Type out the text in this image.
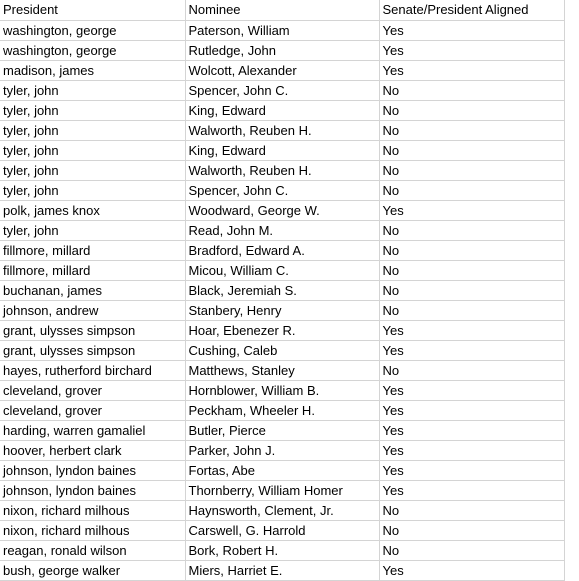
President	Nominee	Senate/President Aligned
washington, george	Paterson, William	Yes
washington, george	Rutledge, John	Yes
madison, james	Wolcott, Alexander	Yes
tyler, john	Spencer, John C.	No
tyler, john	King, Edward	No
tyler, john	Walworth, Reuben H.	No
tyler, john	King, Edward	No
tyler, john	Walworth, Reuben H.	No
tyler, john	Spencer, John C.	No
polk, james knox	Woodward, George W.	Yes
tyler, john	Read, John M.	No
fillmore, millard	Bradford, Edward A.	No
fillmore, millard	Micou, William C.	No
buchanan, james	Black, Jeremiah S.	No
johnson, andrew	Stanbery, Henry	No
grant, ulysses simpson	Hoar, Ebenezer R.	Yes
grant, ulysses simpson	Cushing, Caleb	Yes
hayes, rutherford birchard	Matthews, Stanley	No
cleveland, grover	Hornblower, William B.	Yes
cleveland, grover	Peckham, Wheeler H.	Yes
harding, warren gamaliel	Butler, Pierce	Yes
hoover, herbert clark	Parker, John J.	Yes
johnson, lyndon baines	Fortas, Abe	Yes
johnson, lyndon baines	Thornberry, William Homer	Yes
nixon, richard milhous	Haynsworth, Clement, Jr.	No
nixon, richard milhous	Carswell, G. Harrold	No
reagan, ronald wilson	Bork, Robert H.	No
bush, george walker	Miers, Harriet E.	Yes
